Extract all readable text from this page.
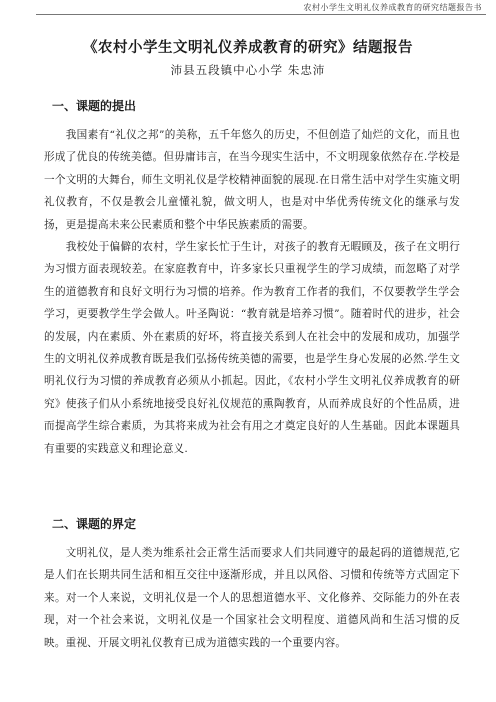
农村小学生文明礼仪养成教育的研究结题报告书
《农村小学生文明礼仪养成教育的研究》结题报告
沛县五段镇中心小学 朱忠沛
一、课题的提出

我国素有“礼仪之邦”的美称，五千年悠久的历史，不但创造了灿烂的文化，而且也形成了优良的传统美德。但毋庸讳言，在当今现实生活中，不文明现象依然存在.学校是一个文明的大舞台，师生文明礼仪是学校精神面貌的展现.在日常生活中对学生实施文明礼仪教育，不仅是教会儿童懂礼貌，做文明人，也是对中华优秀传统文化的继承与发扬，更是提高未来公民素质和整个中华民族素质的需要。

我校处于偏僻的农村，学生家长忙于生计，对孩子的教育无暇顾及，孩子在文明行为习惯方面表现较差。在家庭教育中，许多家长只重视学生的学习成绩，而忽略了对学生的道德教育和良好文明行为习惯的培养。作为教育工作者的我们，不仅要教学生学会学习，更要教学生学会做人。叶圣陶说：“教育就是培养习惯”。随着时代的进步，社会的发展，内在素质、外在素质的好坏，将直接关系到人在社会中的发展和成功，加强学生的文明礼仪养成教育既是我们弘扬传统美德的需要，也是学生身心发展的必然.学生文明礼仪行为习惯的养成教育必须从小抓起。因此，《农村小学生文明礼仪养成教育的研究》使孩子们从小系统地接受良好礼仪规范的熏陶教育，从而养成良好的个性品质，进而提高学生综合素质，为其将来成为社会有用之才奠定良好的人生基础。因此本课题具有重要的实践意义和理论意义.

二、课题的界定

文明礼仪，是人类为维系社会正常生活而要求人们共同遵守的最起码的道德规范,它是人们在长期共同生活和相互交往中逐渐形成，并且以风俗、习惯和传统等方式固定下来。对一个人来说，文明礼仪是一个人的思想道德水平、文化修养、交际能力的外在表现，对一个社会来说，文明礼仪是一个国家社会文明程度、道德风尚和生活习惯的反映。重视、开展文明礼仪教育已成为道德实践的一个重要内容。
